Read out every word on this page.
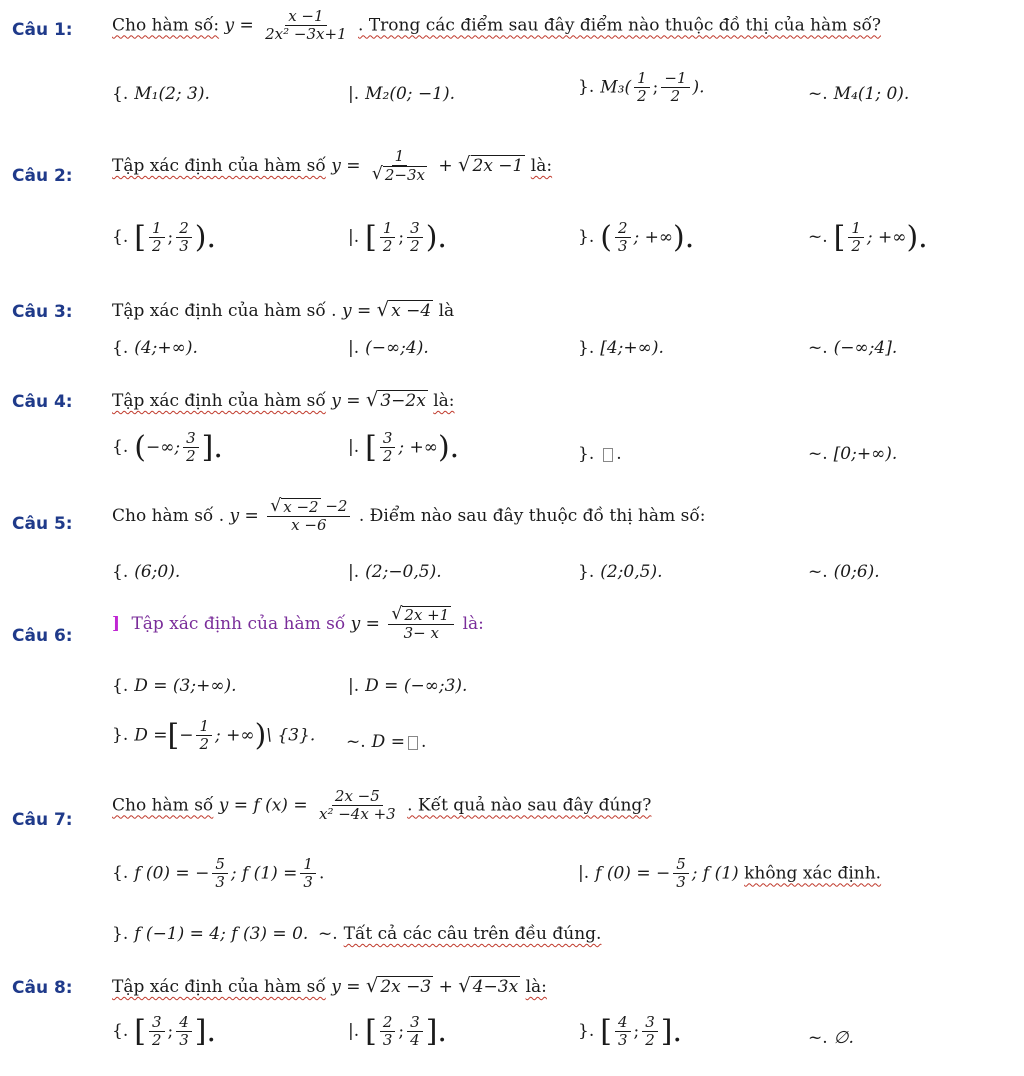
Câu 1: Cho hàm số: $y = \frac{x -1}{\text{2x² −3x+1}}$ . Trong các điểm sau đây điểm nào thuộc đồ thị của hàm số?
{. M₁(2; 3).	|. M₂(0; −1).	}. $M_3( \frac{1}{2}$ ; $\frac{-1}{2}$ ).	~. M₄(1; 0).
Câu 2:
Tập xác định của hàm số $y = \frac{1}{√ 2-3x}$ + √ 2x −1 là:
{. [ $\frac{1}{2}$ ; $\frac{2}{3}$ ).	|. [ $\frac{1}{2}$ ; $\frac{3}{2}$ ).	}. ( $\frac{2}{3}$ ; +∞).	~. [ $\frac{1}{2}$ ; +∞).
Câu 3: Tập xác định của hàm số . y = √ x −4 là
{. (4;+∞).	|. (−∞;4).	}. [4;+∞).	~. (−∞;4].
Câu 4: Tập xác định của hàm số y = √ 3−2x là:
{. (−∞; $\frac{3}{2}$ ].	|. [ $\frac{3}{2}$ ; +∞).	}. .	~. [0;+∞).
Câu 5: Cho hàm số . $y = \frac{√ x -2 -2}{x -6}$ . Điểm nào sau đây thuộc đồ thị hàm số:
{. (6;0).	|. (2;−0,5).	}. (2;0,5).	~. (0;6).
Câu 6:
] Tập xác định của hàm số $y = \frac{√ 2x +1}{3- x}$ là:
{. D = (3;+∞).	|. D = (−∞;3).
}. D =[− $\frac{1}{2}$ ; +∞)\ {3}. ~. D = .
Câu 7:
Cho hàm số y = f $(x) = \frac{2x -5}{\text{x² −4x +3}}$ . Kết quả nào sau đây đúng?
{. f (0) = − $\frac{5}{3}$ ; f $(1) = \frac{1}{3}$ .	|. f (0) = − $\frac{5}{3}$ ; f (1) không xác định.
}. f (−1) = 4; f (3) = 0. ~. Tất cả các câu trên đều đúng.
Câu 8: Tập xác định của hàm số y = √ 2x −3 + √ 4−3x là:
{. [ $\frac{3}{2}$ ; $\frac{4}{3}$ ].	|. [ $\frac{2}{3}$ ; $\frac{3}{4}$ ].	}. [ $\frac{4}{3}$ ; $\frac{3}{2}$ ].	~. ∅.
